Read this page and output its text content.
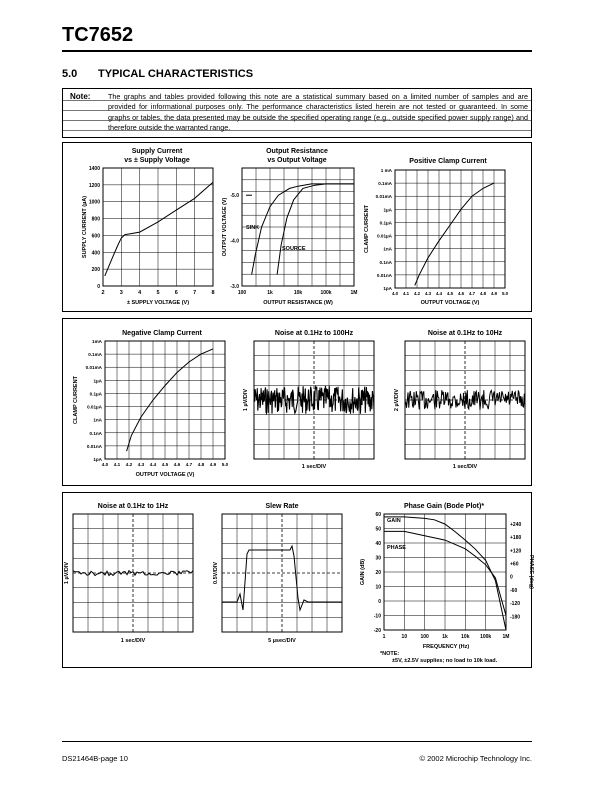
TC7652
5.0 TYPICAL CHARACTERISTICS
Note: The graphs and tables provided following this note are a statistical summary based on a limited number of samples and are provided for informational purposes only. The performance characteristics listed herein are not tested or guaranteed. In some graphs or tables, the data presented may be outside the specified operating range (e.g., outside specified power supply range) and therefore outside the warranted range.
Supply Current
vs ± Supply Voltage
0
200
400
600
800
1000
1200
1400
2	3	4	5	6	7	8
± SUPPLY VOLTAGE (V)
SUPPLY CURRENT (µA)
Output Resistance
vs Output Voltage
-5.0
-4.0
-3.0
100	1k	10k	100k	1M
SINK
SOURCE
OUTPUT RESISTANCE (W)
OUTPUT VOLTAGE (V)
Positive Clamp Current
1 mA
0.1mA
0.01mA
1µA
0.1µA
0.01µA
1nA
0.1nA
0.01nA
1pA
4.0 4.1 4.2 4.3 4.4 4.5 4.6 4.7 4.8 4.9 5.0
OUTPUT VOLTAGE (V)
CLAMP CURRENT
Negative Clamp Current
1mA
0.1mA
0.01mA
1µA
0.1µA
0.01µA
1nA
0.1nA
0.01nA
1pA
4.0 4.1 4.2 4.3 4.4 4.5 4.6 4.7 4.8 4.9 5.0
OUTPUT VOLTAGE (V)
CLAMP CURRENT
Noise at 0.1Hz to 100Hz
1 sec/DIV
1 µV/DIV
Noise at 0.1Hz to 10Hz
1 sec/DIV
2 µV/DIV
Noise at 0.1Hz to 1Hz
1 sec/DIV
1 µV/DIV
Slew Rate
5 µsec/DIV
0.5V/DIV
Phase Gain (Bode Plot)*
-20
-10
0
10
20
30
40
50
60
+240
+180
+120
+60
0
-60
-120
-180
1	10	100	1k	10k 100k 1M
GAIN
PHASE
FREQUENCY (Hz)
GAIN (dB)	PHASE (deg)
*NOTE:
±5V, ±2.5V supplies; no load to 10k load.
DS21464B-page 10	© 2002 Microchip Technology Inc.
